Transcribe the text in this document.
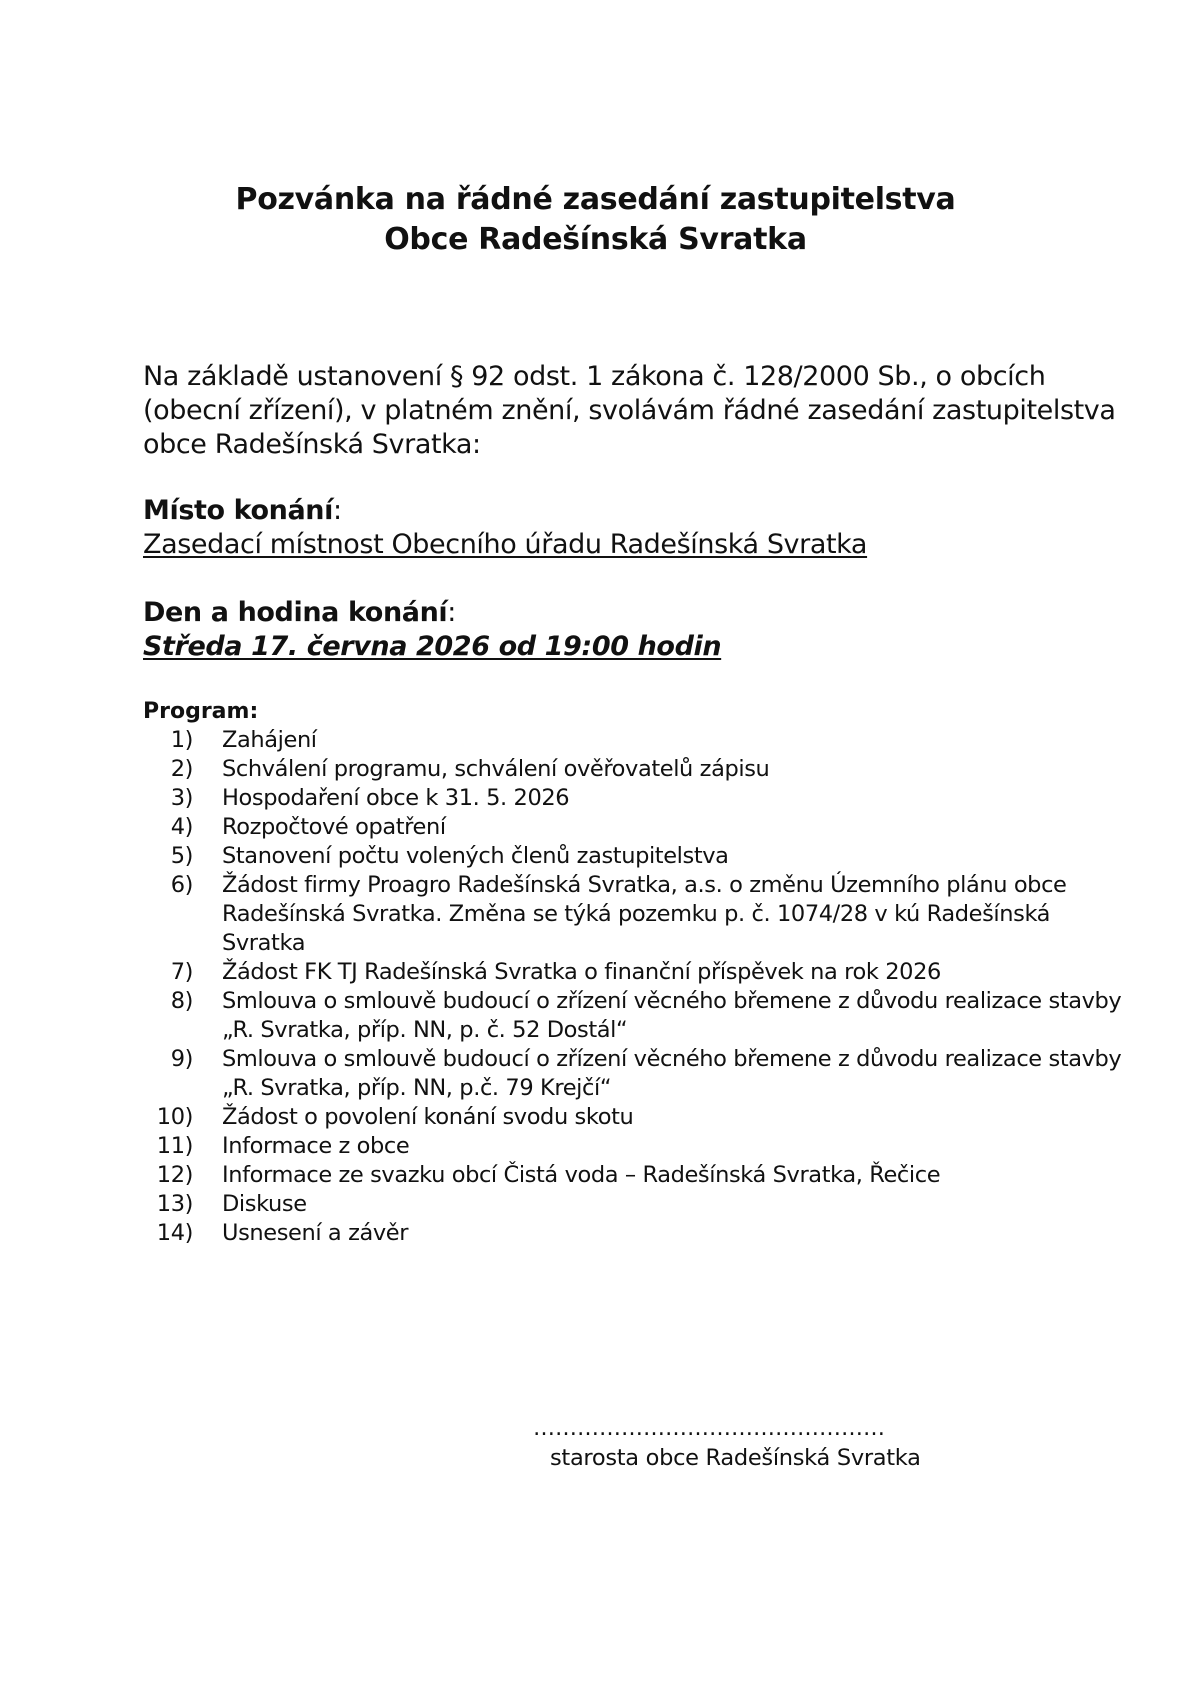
Pozvánka na řádné zasedání zastupitelstva
Obce Radešínská Svratka
Na základě ustanovení § 92 odst. 1 zákona č. 128/2000 Sb., o obcích
(obecní zřízení), v platném znění, svolávám řádné zasedání zastupitelstva
obce Radešínská Svratka:
Místo konání:
Zasedací místnost Obecního úřadu Radešínská Svratka
Den a hodina konání:
Středa 17. června 2026 od 19:00 hodin
Program:
1) Zahájení
2) Schválení programu, schválení ověřovatelů zápisu
3) Hospodaření obce k 31. 5. 2026
4) Rozpočtové opatření
5) Stanovení počtu volených členů zastupitelstva
6) Žádost firmy Proagro Radešínská Svratka, a.s. o změnu Územního plánu obce
Radešínská Svratka. Změna se týká pozemku p. č. 1074/28 v kú Radešínská
Svratka
7) Žádost FK TJ Radešínská Svratka o finanční příspěvek na rok 2026
8) Smlouva o smlouvě budoucí o zřízení věcného břemene z důvodu realizace stavby
„R. Svratka, příp. NN, p. č. 52 Dostál“
9) Smlouva o smlouvě budoucí o zřízení věcného břemene z důvodu realizace stavby
„R. Svratka, příp. NN, p.č. 79 Krejčí“
10) Žádost o povolení konání svodu skotu
11) Informace z obce
12) Informace ze svazku obcí Čistá voda – Radešínská Svratka, Řečice
13) Diskuse
14) Usnesení a závěr
…………………………………………
starosta obce Radešínská Svratka
